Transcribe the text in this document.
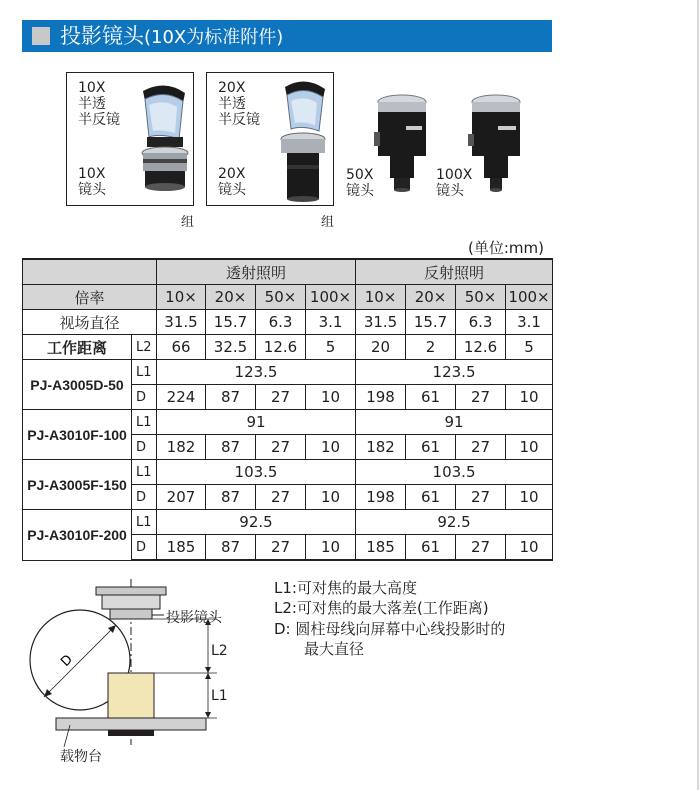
投影镜头(10X为标准附件)
10X
半透
半反镜
10X
镜头
组
20X
半透
半反镜
20X
镜头
组
50X
镜头
100X
镜头
(单位:mm)
		透射照明				反射照明			
倍率		10×	20×	50×	100×	10×	20×	50×	100×
视场直径		31.5	15.7	6.3	3.1	31.5	15.7	6.3	3.1
工作距离	L2	66	32.5	12.6	5	20	2	12.6	5
PJ-A3005D-50	L1	123.5				123.5			
	D	224	87	27	10	198	61	27	10
PJ-A3010F-100	L1	91				91			
	D	182	87	27	10	182	61	27	10
PJ-A3005F-150	L1	103.5				103.5			
	D	207	87	27	10	198	61	27	10
PJ-A3010F-200	L1	92.5				92.5			
	D	185	87	27	10	185	61	27	10
D
投影镜头
L2
L1
载物台
L1:可对焦的最大高度
L2:可对焦的最大落差(工作距离)
D: 圆柱母线向屏幕中心线投影时的
最大直径
